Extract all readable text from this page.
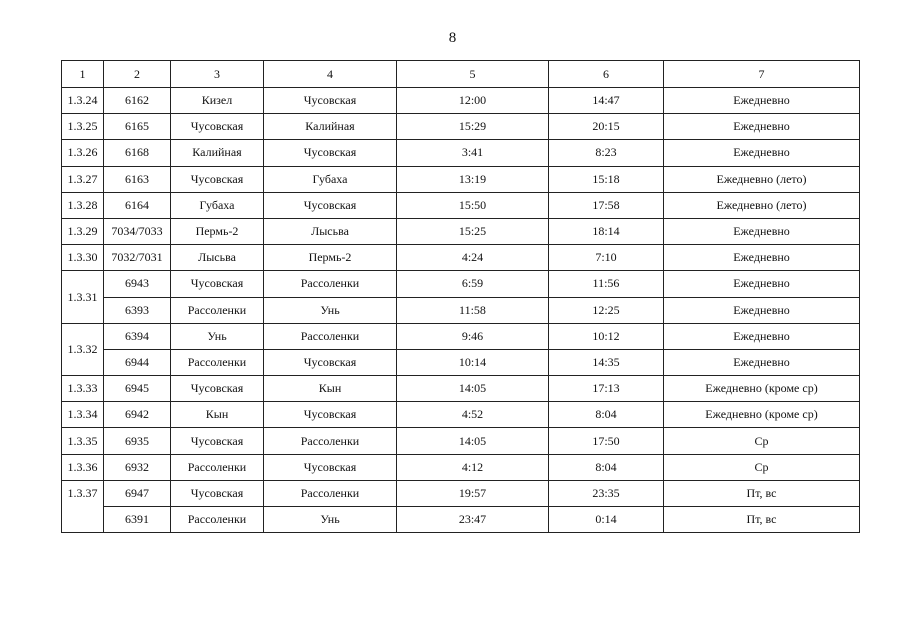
8
1	2	3	4	5	6	7
1.3.24	6162	Кизел	Чусовская	12:00	14:47	Ежедневно
1.3.25	6165	Чусовская	Калийная	15:29	20:15	Ежедневно
1.3.26	6168	Калийная	Чусовская	3:41	8:23	Ежедневно
1.3.27	6163	Чусовская	Губаха	13:19	15:18	Ежедневно (лето)
1.3.28	6164	Губаха	Чусовская	15:50	17:58	Ежедневно (лето)
1.3.29	7034/7033	Пермь-2	Лысьва	15:25	18:14	Ежедневно
1.3.30	7032/7031	Лысьва	Пермь-2	4:24	7:10	Ежедневно
1.3.31	6943	Чусовская	Рассоленки	6:59	11:56	Ежедневно
	6393	Рассоленки	Унь	11:58	12:25	Ежедневно
1.3.32	6394	Унь	Рассоленки	9:46	10:12	Ежедневно
	6944	Рассоленки	Чусовская	10:14	14:35	Ежедневно
1.3.33	6945	Чусовская	Кын	14:05	17:13	Ежедневно (кроме ср)
1.3.34	6942	Кын	Чусовская	4:52	8:04	Ежедневно (кроме ср)
1.3.35	6935	Чусовская	Рассоленки	14:05	17:50	Ср
1.3.36	6932	Рассоленки	Чусовская	4:12	8:04	Ср
1.3.37	6947	Чусовская	Рассоленки	19:57	23:35	Пт, вс
	6391	Рассоленки	Унь	23:47	0:14	Пт, вс
